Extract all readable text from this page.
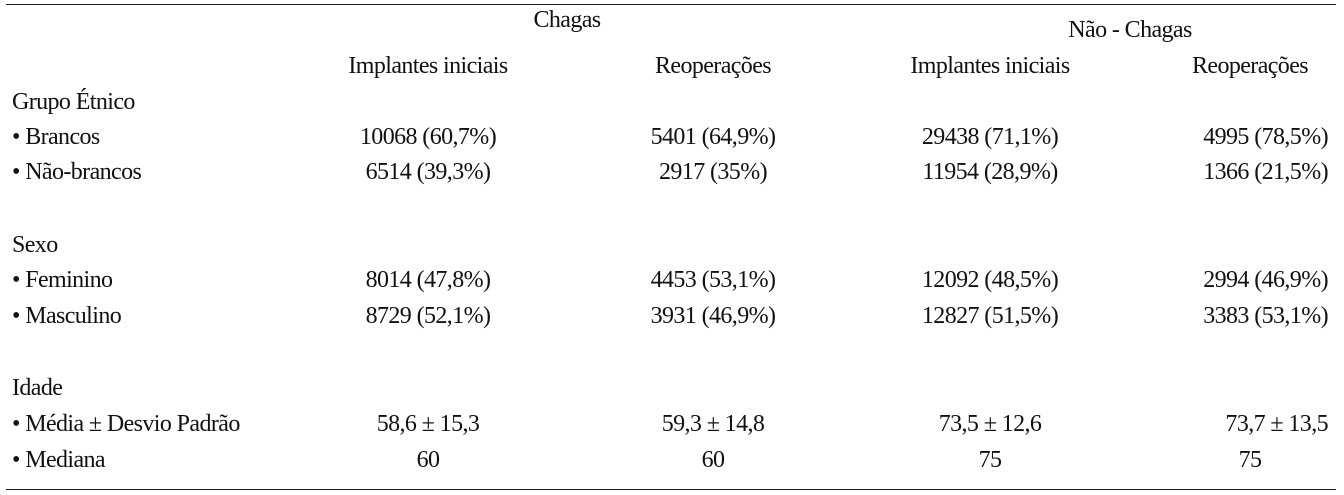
Chagas	Não - Chagas
Implantes iniciais	Reoperações	Implantes iniciais	Reoperações
Grupo Étnico
• Brancos	10068 (60,7%)	5401 (64,9%)	29438 (71,1%)	4995 (78,5%)
• Não-brancos	6514 (39,3%)	2917 (35%)	11954 (28,9%)	1366 (21,5%)
Sexo
• Feminino	8014 (47,8%)	4453 (53,1%)	12092 (48,5%)	2994 (46,9%)
• Masculino	8729 (52,1%)	3931 (46,9%)	12827 (51,5%)	3383 (53,1%)
Idade
• Média ± Desvio Padrão	58,6 ± 15,3	59,3 ± 14,8	73,5 ± 12,6	73,7 ± 13,5
• Mediana	60	60	75	75
